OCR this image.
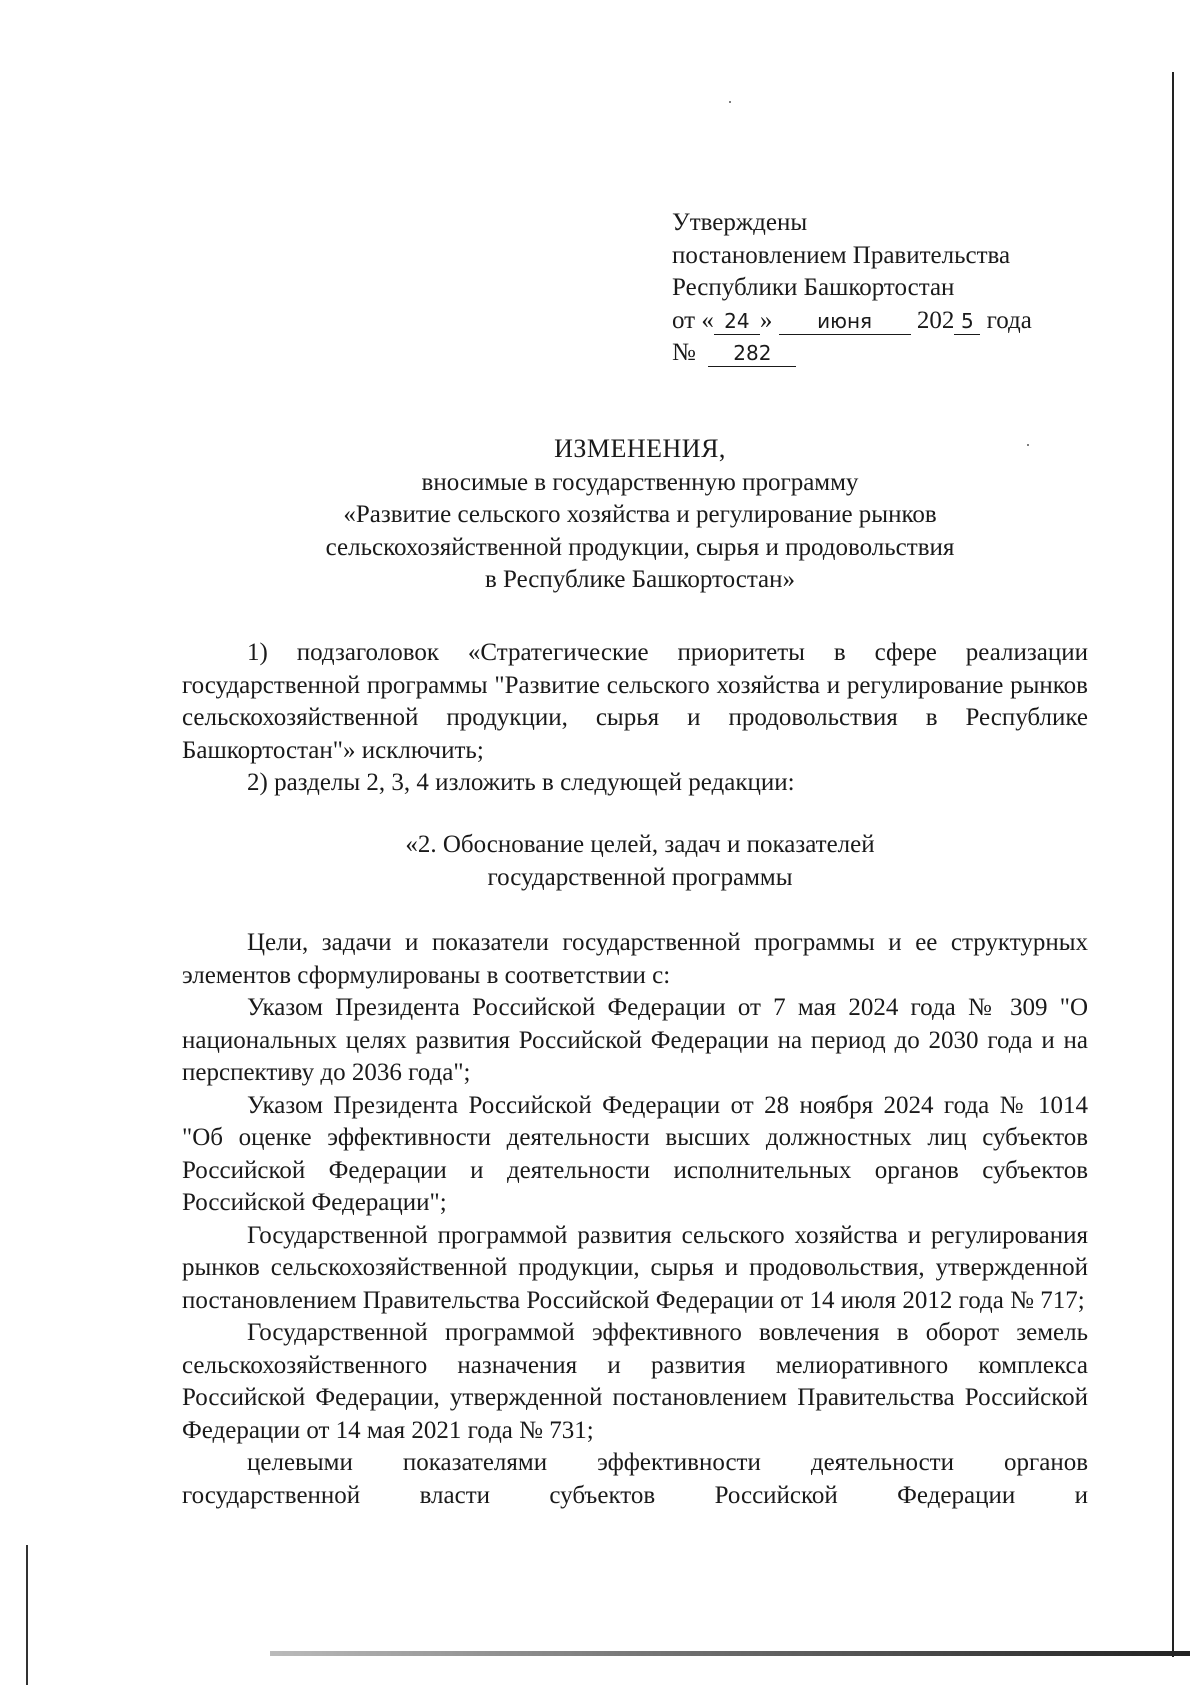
Утверждены
постановлением Правительства
Республики Башкортостан
от « 24 » июня 202 5 года
№ 282
ИЗМЕНЕНИЯ,
вносимые в государственную программу
«Развитие сельского хозяйства и регулирование рынков
сельскохозяйственной продукции, сырья и продовольствия
в Республике Башкортостан»

1) подзаголовок «Стратегические приоритеты в сфере реализации государственной программы "Развитие сельского хозяйства и регулирование рынков сельскохозяйственной продукции, сырья и продовольствия в Республике Башкортостан"» исключить;

2) разделы 2, 3, 4 изложить в следующей редакции:

«2. Обоснование целей, задач и показателей
государственной программы

Цели, задачи и показатели государственной программы и ее структурных элементов сформулированы в соответствии с:

Указом Президента Российской Федерации от 7 мая 2024 года № 309 "О национальных целях развития Российской Федерации на период до 2030 года и на перспективу до 2036 года";

Указом Президента Российской Федерации от 28 ноября 2024 года № 1014 "Об оценке эффективности деятельности высших должностных лиц субъектов Российской Федерации и деятельности исполнительных органов субъектов Российской Федерации";

Государственной программой развития сельского хозяйства и регулирования рынков сельскохозяйственной продукции, сырья и продовольствия, утвержденной постановлением Правительства Российской Федерации от 14 июля 2012 года № 717;

Государственной программой эффективного вовлечения в оборот земель сельскохозяйственного назначения и развития мелиоративного комплекса Российской Федерации, утвержденной постановлением Правительства Российской Федерации от 14 мая 2021 года № 731;

целевыми показателями эффективности деятельности органов государственной власти субъектов Российской Федерации и
